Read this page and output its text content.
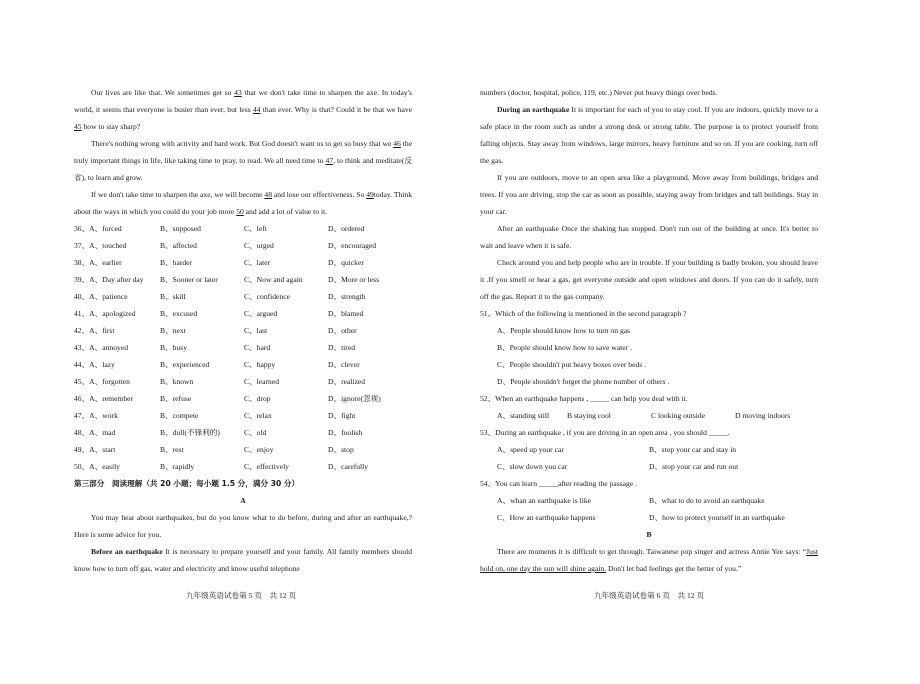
Our lives are like that. We sometimes get so 43 that we don't take time to sharpen the axe. In today's world, it seems that everyone is busier than ever, but less 44 than ever. Why is that? Could it be that we have 45 how to stay sharp?

There's nothing wrong with activity and hard work. But God doesn't want us to get so busy that we 46 the truly important things in life, like taking time to pray, to read. We all need time to 47, to think and meditate(反省), to learn and grow.

If we don't take time to sharpen the axe, we will become 48 and lose our effectiveness. So 49today. Think about the ways in which you could do your job more 50 and add a lot of value to it.

36、A、forced	B、supposed	C、left	D、ordered
37、A、touched	B、affected	C、urged	D、encouraged
38、A、earlier	B、harder	C、later	D、quicker
39、A、Day after day	B、Sooner or later	C、Now and again	D、More or less
40、A、patience	B、skill	C、confidence	D、strength
41、A、apologized	B、excused	C、argued	D、blamed
42、A、first	B、next	C、last	D、other
43、A、annoyed	B、busy	C、hard	D、tired
44、A、lazy	B、experienced	C、happy	D、clever
45、A、forgotten	B、known	C、learned	D、realized
46、A、remember	B、refuse	C、drop	D、ignore(忽视)
47、A、work	B、compete	C、relax	D、fight
48、A、mad	B、dull(不锋利的)	C、old	D、foolish
49、A、start	B、rest	C、enjoy	D、stop
50、A、easily	B、rapidly	C、effectively	D、carefully
第三部分　阅读理解（共 20 小题；每小题 1.5 分，满分 30 分）
A

You may hear about earthquakes, but do you know what to do before, during and after an earthquake,? Here is some advice for you.

Before an earthquake It is necessary to prepare yourself and your family. All family members should know how to turn off gas, water and electricity and know useful telephone

九年级英语试卷第 5 页　共 12 页

numbers (doctor, hospital, police, 119, etc.) Never put heavy things over beds.

During an earthquake It is important for each of you to stay cool. If you are indoors, quickly move to a safe place in the room such as under a strong desk or strong table. The purpose is to protect yourself from falling objects. Stay away from windows, large mirrors, heavy furniture and so on. If you are cooking, turn off the gas.

If you are outdoors, move to an open area like a playground. Move away from buildings, bridges and trees. If you are driving, stop the car as soon as possible, staying away from bridges and tall buildings. Stay in your car.

After an earthquake Once the shaking has stopped. Don't run out of the building at once. It's better to wait and leave when it is safe.

Check around you and help people who are in trouble. If your building is badly broken, you should leave it .If you smell or hear a gas, get everyone outside and open windows and doors. If you can do it safely, turn off the gas. Report it to the gas company.

51、Which of the following is mentioned in the second paragraph ?
A、People should know how to turn on gas
B、People should know how to save water .
C、People shouldn't put heavy boxes over beds .
D、People shouldn't forget the phone number of others .
52、When an earthquake happens , _____ can help you deal with it.
A、standing still	B staying cool	C looking outside	D moving indoors
53、During an earthquake , if you are driving in an open area , you should _____.
A、speed up your car	B、stop your car and stay in
C、slow down you car	D、stop your car and run out
54、You can learn _____after reading the passage .
A、whan an earthquake is like	B、what to do to avoid an earthquake
C、How an earthquake happens	D、how to protect yourself in an earthquake
B

There are moments it is difficult to get through. Taiwanese pop singer and actress Annie Yee says: “Just hold on, one day the sun will shine again. Don't let bad feelings get the better of you.”

九年级英语试卷第 6 页　共 12 页
